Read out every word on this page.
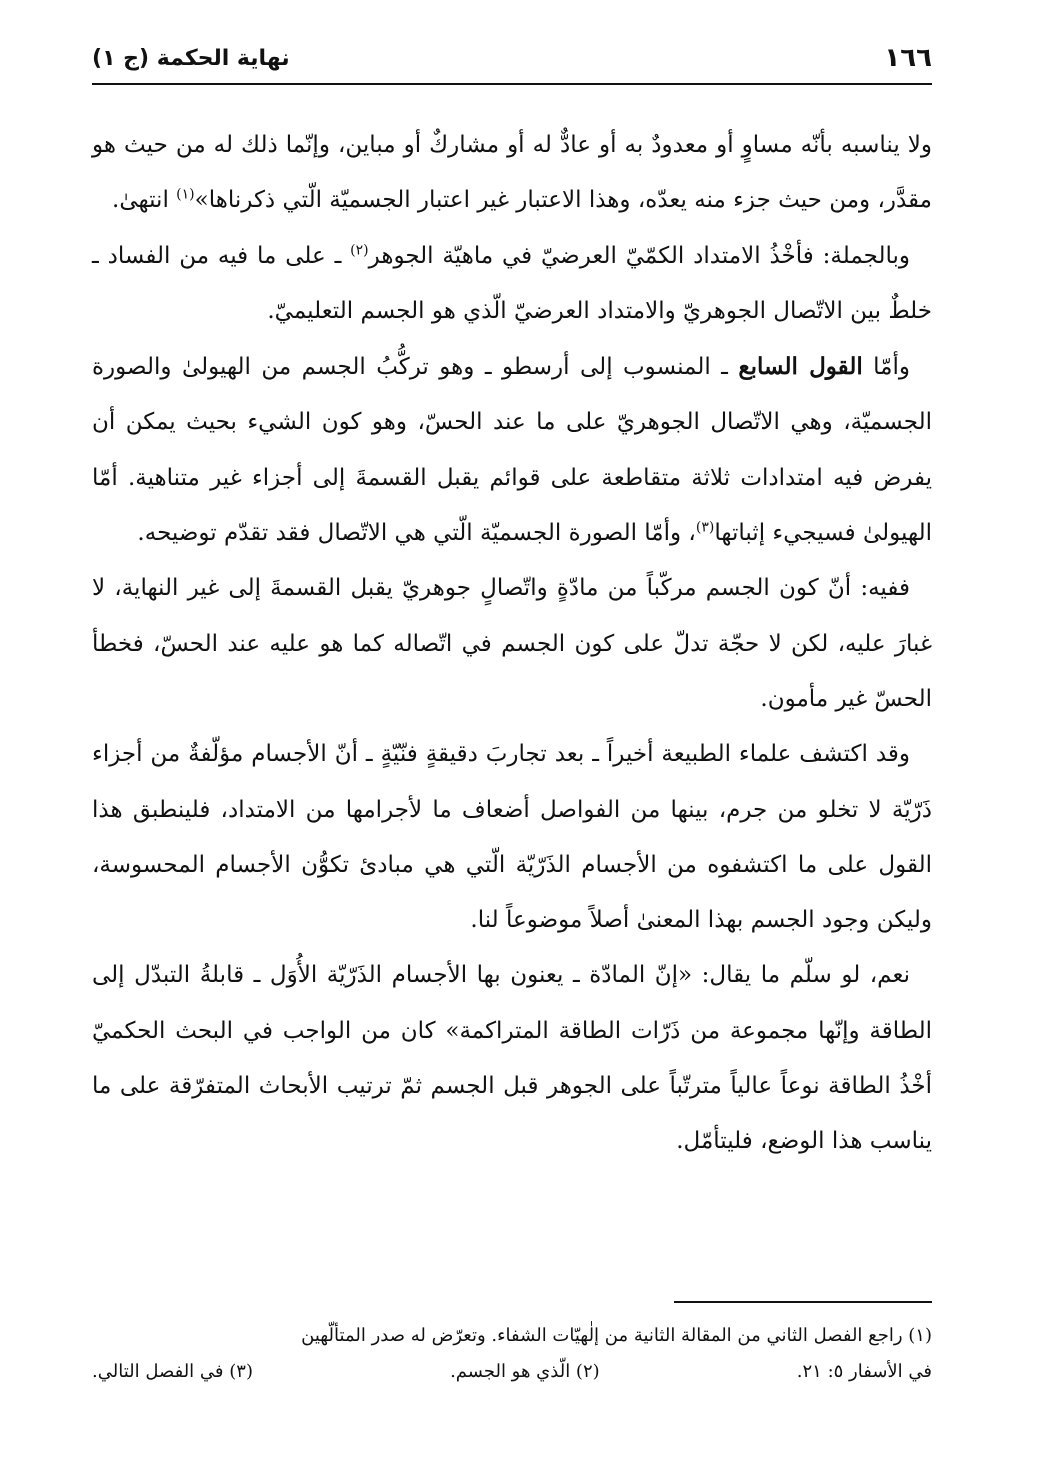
١٦٦
نهاية الحكمة (ج ١)

ولا يناسبه بأنّه مساوٍ أو معدودٌ به أو عادٌّ له أو مشاركٌ أو مباين، وإنّما ذلك له من حيث هو مقدَّر، ومن حيث جزء منه يعدّه، وهذا الاعتبار غير اعتبار الجسميّة الّتي ذكرناها»$^{(١)}$ انتهىٰ.

وبالجملة: فأخْذُ الامتداد الكمّيّ العرضيّ في ماهيّة الجوهر$^{(٢)}$ ـ على ما فيه من الفساد ـ خلطٌ بين الاتّصال الجوهريّ والامتداد العرضيّ الّذي هو الجسم التعليميّ.

وأمّا القول السابع ـ المنسوب إلى أرسطو ـ وهو تركُّبُ الجسم من الهيولىٰ والصورة الجسميّة، وهي الاتّصال الجوهريّ على ما عند الحسّ، وهو كون الشيء بحيث يمكن أن يفرض فيه امتدادات ثلاثة متقاطعة على قوائم يقبل القسمةَ إلى أجزاء غير متناهية. أمّا الهيولىٰ فسيجيء إثباتها$^{(٣)}$، وأمّا الصورة الجسميّة الّتي هي الاتّصال فقد تقدّم توضيحه.

ففيه: أنّ كون الجسم مركّباً من مادّةٍ واتّصالٍ جوهريّ يقبل القسمةَ إلى غير النهاية، لا غبارَ عليه، لكن لا حجّة تدلّ على كون الجسم في اتّصاله كما هو عليه عند الحسّ، فخطأ الحسّ غير مأمون.

وقد اكتشف علماء الطبيعة أخيراً ـ بعد تجاربَ دقيقةٍ فنّيّةٍ ـ أنّ الأجسام مؤلّفةٌ من أجزاء ذَرّيّة لا تخلو من جرم، بينها من الفواصل أضعاف ما لأجرامها من الامتداد، فلينطبق هذا القول على ما اكتشفوه من الأجسام الذَرّيّة الّتي هي مبادئ تكوُّن الأجسام المحسوسة، وليكن وجود الجسم بهذا المعنىٰ أصلاً موضوعاً لنا.

نعم، لو سلّم ما يقال: «إنّ المادّة ـ يعنون بها الأجسام الذَرّيّة الأُوَل ـ قابلةُ التبدّل إلى الطاقة وإنّها مجموعة من ذَرّات الطاقة المتراكمة» كان من الواجب في البحث الحكميّ أخْذُ الطاقة نوعاً عالياً مترتّباً على الجوهر قبل الجسم ثمّ ترتيب الأبحاث المتفرّقة على ما يناسب هذا الوضع، فليتأمّل.

(١) راجع الفصل الثاني من المقالة الثانية من إلٰهيّات الشفاء. وتعرّض له صدر المتألّهين
في الأسفار ٥: ٢١.
(٢) الّذي هو الجسم.
(٣) في الفصل التالي.
